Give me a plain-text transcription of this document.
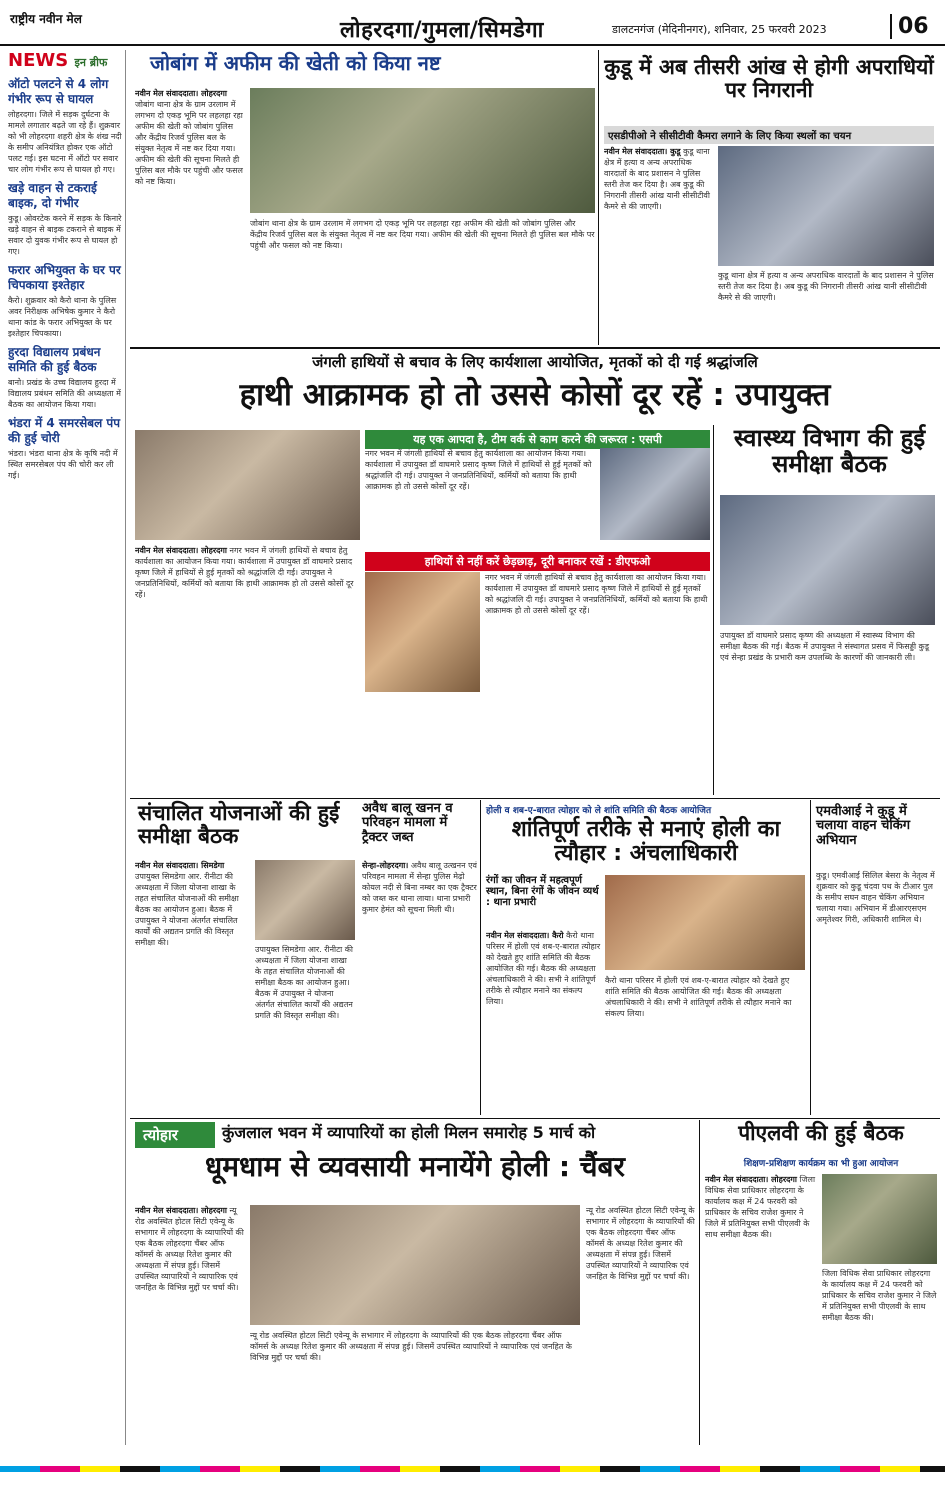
राष्ट्रीय नवीन मेल	लोहरदगा/गुमला/सिमडेगा	डालटनगंज (मेदिनीनगर), शनिवार, 25 फरवरी 2023	06
NEWS इन ब्रीफ
ऑटो पलटने से 4 लोग गंभीर रूप से घायल
लोहरदगा। जिले में सड़क दुर्घटना के मामले लगातार बढ़ते जा रहे हैं। शुक्रवार को भी लोहरदगा शहरी क्षेत्र के शंख नदी के समीप अनियंत्रित होकर एक ऑटो पलट गई। इस घटना में ऑटो पर सवार चार लोग गंभीर रूप से घायल हो गए।
खड़े वाहन से टकराई बाइक, दो गंभीर
कुडू। ओवरटेक करने में सड़क के किनारे खड़े वाहन से बाइक टकराने से बाइक में सवार दो युवक गंभीर रूप से घायल हो गए।
फरार अभियुक्त के घर पर चिपकाया इश्तेहार
कैरो। शुक्रवार को कैरो थाना के पुलिस अवर निरीक्षक अभिषेक कुमार ने कैरो थाना कांड के फरार अभियुक्त के घर इश्तेहार चिपकाया।
हुरदा विद्यालय प्रबंधन समिति की हुई बैठक
बानो। प्रखंड के उच्च विद्यालय हुरदा में विद्यालय प्रबंधन समिति की अध्यक्षता में बैठक का आयोजन किया गया।
भंडरा में 4 समरसेबल पंप की हुई चोरी
भंडरा। भंडरा थाना क्षेत्र के कृषि नदी में स्थित समरसेबल पंप की चोरी कर ली गई।
जोबांग में अफीम की खेती को किया नष्ट
नवीन मेल संवाददाता। लोहरदगा जोबांग थाना क्षेत्र के ग्राम उरलाम में लगभग दो एकड़ भूमि पर लहलहा रहा अफीम की खेती को जोबांग पुलिस और केंद्रीय रिजर्व पुलिस बल के संयुक्त नेतृत्व में नष्ट कर दिया गया। अफीम की खेती की सूचना मिलते ही पुलिस बल मौके पर पहुंची और फसल को नष्ट किया।
जोबांग थाना क्षेत्र के ग्राम उरलाम में लगभग दो एकड़ भूमि पर लहलहा रहा अफीम की खेती को जोबांग पुलिस और केंद्रीय रिजर्व पुलिस बल के संयुक्त नेतृत्व में नष्ट कर दिया गया। अफीम की खेती की सूचना मिलते ही पुलिस बल मौके पर पहुंची और फसल को नष्ट किया।
कुडू में अब तीसरी आंख से होगी अपराधियों पर निगरानी
एसडीपीओ ने सीसीटीवी कैमरा लगाने के लिए किया स्थलों का चयन
नवीन मेल संवाददाता। कुडू कुडू थाना क्षेत्र में हत्या व अन्य अपराधिक वारदातों के बाद प्रशासन ने पुलिस स्तरी तेज कर दिया है। अब कुडू की निगरानी तीसरी आंख यानी सीसीटीवी कैमरे से की जाएगी।
कुडू थाना क्षेत्र में हत्या व अन्य अपराधिक वारदातों के बाद प्रशासन ने पुलिस स्तरी तेज कर दिया है। अब कुडू की निगरानी तीसरी आंख यानी सीसीटीवी कैमरे से की जाएगी।
जंगली हाथियों से बचाव के लिए कार्यशाला आयोजित, मृतकों को दी गई श्रद्धांजलि
हाथी आक्रामक हो तो उससे कोसों दूर रहें : उपायुक्त
यह एक आपदा है, टीम वर्क से काम करने की जरूरत : एसपी
नगर भवन में जंगली हाथियों से बचाव हेतु कार्यशाला का आयोजन किया गया। कार्यशाला में उपायुक्त डॉ वाघमारे प्रसाद कृष्ण जिले में हाथियों से हुई मृतकों को श्रद्धांजलि दी गई। उपायुक्त ने जनप्रतिनिधियों, कर्मियों को बताया कि हाथी आक्रामक हो तो उससे कोसों दूर रहें।
नवीन मेल संवाददाता। लोहरदगा नगर भवन में जंगली हाथियों से बचाव हेतु कार्यशाला का आयोजन किया गया। कार्यशाला में उपायुक्त डॉ वाघमारे प्रसाद कृष्ण जिले में हाथियों से हुई मृतकों को श्रद्धांजलि दी गई। उपायुक्त ने जनप्रतिनिधियों, कर्मियों को बताया कि हाथी आक्रामक हो तो उससे कोसों दूर रहें।
हाथियों से नहीं करें छेड़छाड़, दूरी बनाकर रखें : डीएफओ
नगर भवन में जंगली हाथियों से बचाव हेतु कार्यशाला का आयोजन किया गया। कार्यशाला में उपायुक्त डॉ वाघमारे प्रसाद कृष्ण जिले में हाथियों से हुई मृतकों को श्रद्धांजलि दी गई। उपायुक्त ने जनप्रतिनिधियों, कर्मियों को बताया कि हाथी आक्रामक हो तो उससे कोसों दूर रहें।
स्वास्थ्य विभाग की हुई समीक्षा बैठक
उपायुक्त डॉ वाघमारे प्रसाद कृष्ण की अध्यक्षता में स्वास्थ्य विभाग की समीक्षा बैठक की गई। बैठक में उपायुक्त ने संस्थागत प्रसव में फिसड्डी कुडू एवं सेन्हा प्रखंड के प्रभारी कम उपलब्धि के कारणों की जानकारी ली।
संचालित योजनाओं की हुई समीक्षा बैठक
नवीन मेल संवाददाता। सिमडेगा उपायुक्त सिमडेगा आर. रीनीटा की अध्यक्षता में जिला योजना शाखा के तहत संचालित योजनाओं की समीक्षा बैठक का आयोजन हुआ। बैठक में उपायुक्त ने योजना अंतर्गत संचालित कार्यों की अद्यतन प्रगति की विस्तृत समीक्षा की।
उपायुक्त सिमडेगा आर. रीनीटा की अध्यक्षता में जिला योजना शाखा के तहत संचालित योजनाओं की समीक्षा बैठक का आयोजन हुआ। बैठक में उपायुक्त ने योजना अंतर्गत संचालित कार्यों की अद्यतन प्रगति की विस्तृत समीक्षा की।
अवैध बालू खनन व परिवहन मामला में ट्रैक्टर जब्त
सेन्हा-लोहरदगा। अवैध बालू उत्खनन एवं परिवहन मामला में सेन्हा पुलिस मेढ़ो कोयल नदी से बिना नम्बर का एक ट्रैक्टर को जब्त कर थाना लाया। थाना प्रभारी कुमार हेमंत को सूचना मिली थी।
होली व शब-ए-बारात त्योहार को ले शांति समिति की बैठक आयोजित
शांतिपूर्ण तरीके से मनाएं होली का त्यौहार : अंचलाधिकारी
रंगों का जीवन में महत्वपूर्ण स्थान, बिना रंगों के जीवन व्यर्थ : थाना प्रभारी
नवीन मेल संवाददाता। कैरो कैरो थाना परिसर में होली एवं शब-ए-बारात त्योहार को देखते हुए शांति समिति की बैठक आयोजित की गई। बैठक की अध्यक्षता अंचलाधिकारी ने की। सभी ने शांतिपूर्ण तरीके से त्यौहार मनाने का संकल्प लिया।
कैरो थाना परिसर में होली एवं शब-ए-बारात त्योहार को देखते हुए शांति समिति की बैठक आयोजित की गई। बैठक की अध्यक्षता अंचलाधिकारी ने की। सभी ने शांतिपूर्ण तरीके से त्यौहार मनाने का संकल्प लिया।
एमवीआई ने कुडू में चलाया वाहन चेकिंग अभियान
कुडू। एमवीआई सिलिल बेसरा के नेतृत्व में शुक्रवार को कुडू चंदवा पथ के टीआर पुल के समीप सघन वाहन चेकिंग अभियान चलाया गया। अभियान में डीआरएसएम अमृतेश्वर गिरी, अधिकारी शामिल थे।
त्योहार	कुंजलाल भवन में व्यापारियों का होली मिलन समारोह 5 मार्च को
धूमधाम से व्यवसायी मनायेंगे होली : चैंबर
नवीन मेल संवाददाता। लोहरदगा न्यू रोड अवस्थित होटल सिटी एवेन्यू के सभागार में लोहरदगा के व्यापारियों की एक बैठक लोहरदगा चैंबर ऑफ कॉमर्स के अध्यक्ष रितेश कुमार की अध्यक्षता में संपन्न हुई। जिसमें उपस्थित व्यापारियों ने व्यापारिक एवं जनहित के विभिन्न मुद्दों पर चर्चा की।
न्यू रोड अवस्थित होटल सिटी एवेन्यू के सभागार में लोहरदगा के व्यापारियों की एक बैठक लोहरदगा चैंबर ऑफ कॉमर्स के अध्यक्ष रितेश कुमार की अध्यक्षता में संपन्न हुई। जिसमें उपस्थित व्यापारियों ने व्यापारिक एवं जनहित के विभिन्न मुद्दों पर चर्चा की।
न्यू रोड अवस्थित होटल सिटी एवेन्यू के सभागार में लोहरदगा के व्यापारियों की एक बैठक लोहरदगा चैंबर ऑफ कॉमर्स के अध्यक्ष रितेश कुमार की अध्यक्षता में संपन्न हुई। जिसमें उपस्थित व्यापारियों ने व्यापारिक एवं जनहित के विभिन्न मुद्दों पर चर्चा की।
पीएलवी की हुई बैठक
शिक्षण-प्रशिक्षण कार्यक्रम का भी हुआ आयोजन
नवीन मेल संवाददाता। लोहरदगा जिला विधिक सेवा प्राधिकार लोहरदगा के कार्यालय कक्ष में 24 फरवरी को प्राधिकार के सचिव राजेश कुमार ने जिले में प्रतिनियुक्त सभी पीएलवी के साथ समीक्षा बैठक की।
जिला विधिक सेवा प्राधिकार लोहरदगा के कार्यालय कक्ष में 24 फरवरी को प्राधिकार के सचिव राजेश कुमार ने जिले में प्रतिनियुक्त सभी पीएलवी के साथ समीक्षा बैठक की।
